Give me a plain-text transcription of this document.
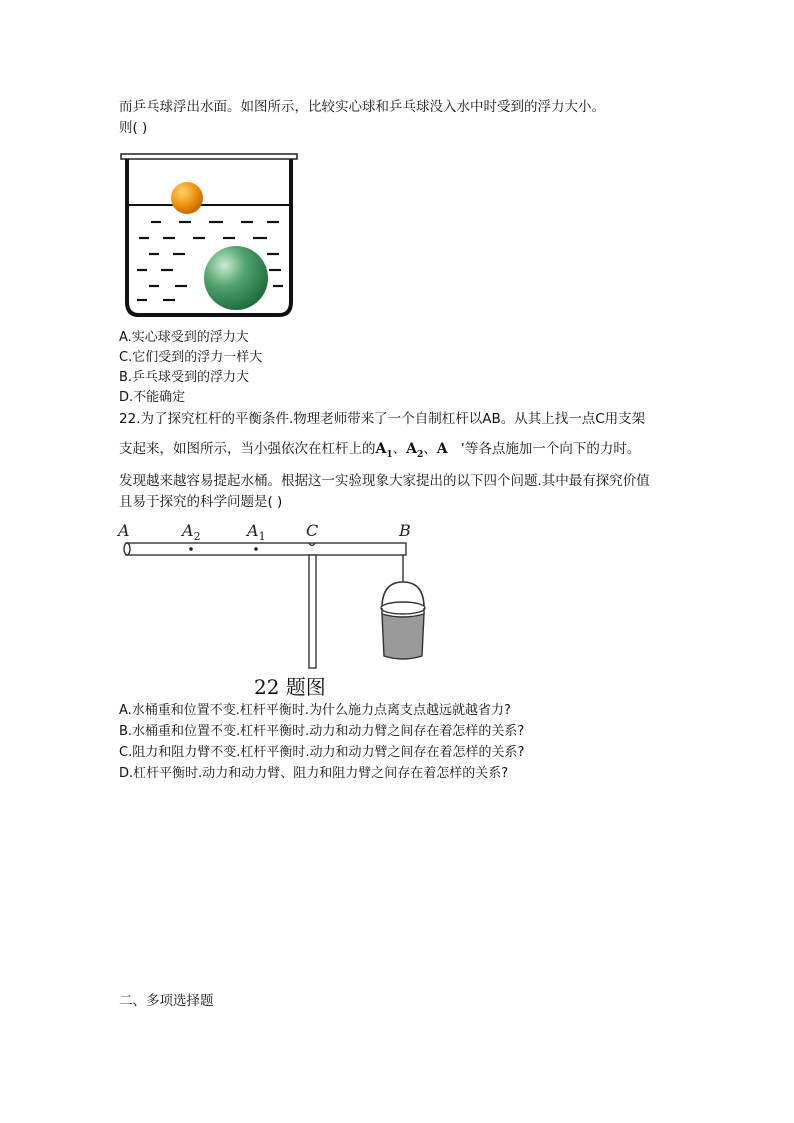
而乒乓球浮出水面。如图所示，比较实心球和乒乓球没入水中时受到的浮力大小。
则( )
A.实心球受到的浮力大
C.它们受到的浮力一样大
B.乒乓球受到的浮力大
D.不能确定
22.为了探究杠杆的平衡条件.物理老师带来了一个自制杠杆以AB。从其上找一点C用支架
支起来，如图所示，当小强依次在杠杆上的$A_1$、$A_2$、A ’等各点施加一个向下的力时。
发现越来越容易提起水桶。根据这一实验现象大家提出的以下四个问题.其中最有探究价值
且易于探究的科学问题是( )
A	$A_2$	$A_1$	C	B
22 题图
A.水桶重和位置不变.杠杆平衡时.为什么施力点离支点越远就越省力?
B.水桶重和位置不变.杠杆平衡时.动力和动力臂之间存在着怎样的关系?
C.阻力和阻力臂不变.杠杆平衡时.动力和动力臂之间存在着怎样的关系?
D.杠杆平衡时.动力和动力臂、阻力和阻力臂之间存在着怎样的关系?
二、多项选择题
